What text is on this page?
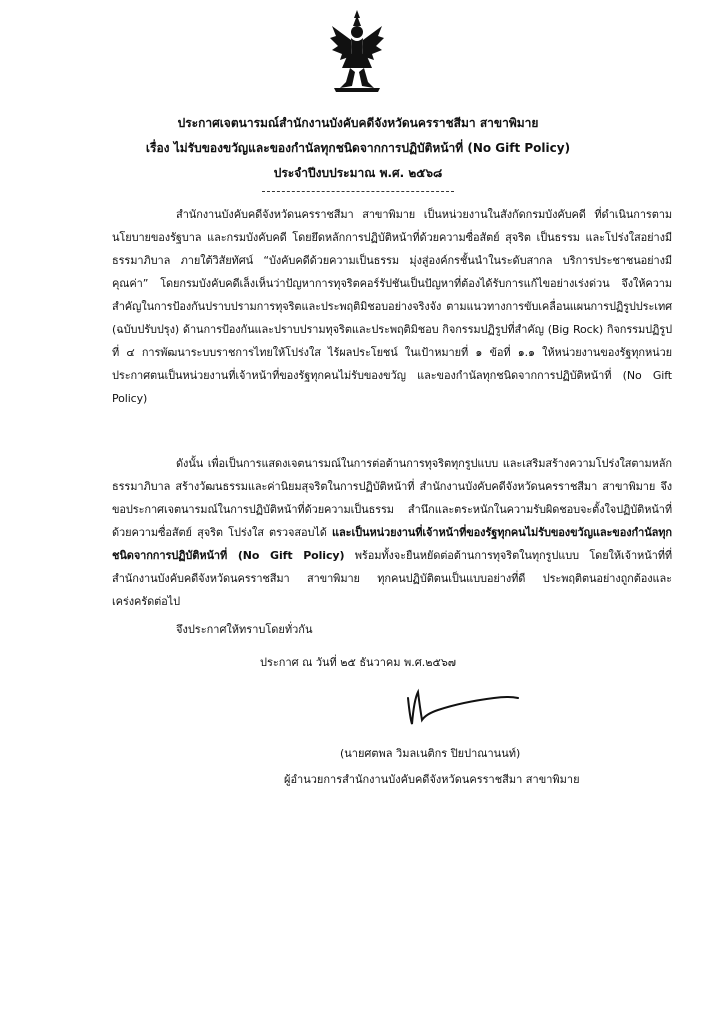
ประกาศเจตนารมณ์สำนักงานบังคับคดีจังหวัดนครราชสีมา สาขาพิมาย
เรื่อง ไม่รับของขวัญและของกำนัลทุกชนิดจากการปฏิบัติหน้าที่ (No Gift Policy)
ประจำปีงบประมาณ พ.ศ. ๒๕๖๘
สำนักงานบังคับคดีจังหวัดนครราชสีมา สาขาพิมาย เป็นหน่วยงานในสังกัดกรมบังคับคดี ที่ดำเนินการตามนโยบายของรัฐบาล และกรมบังคับคดี โดยยึดหลักการปฏิบัติหน้าที่ด้วยความซื่อสัตย์ สุจริต เป็นธรรม และโปร่งใสอย่างมีธรรมาภิบาล ภายใต้วิสัยทัศน์ “บังคับคดีด้วยความเป็นธรรม มุ่งสู่องค์กรชั้นนำในระดับสากล บริการประชาชนอย่างมีคุณค่า” โดยกรมบังคับคดีเล็งเห็นว่าปัญหาการทุจริตคอร์รัปชันเป็นปัญหาที่ต้องได้รับการแก้ไขอย่างเร่งด่วน จึงให้ความสำคัญในการป้องกันปราบปรามการทุจริตและประพฤติมิชอบอย่างจริงจัง ตามแนวทางการขับเคลื่อนแผนการปฏิรูปประเทศ (ฉบับปรับปรุง) ด้านการป้องกันและปราบปรามทุจริตและประพฤติมิชอบ กิจกรรมปฏิรูปที่สำคัญ (Big Rock) กิจกรรมปฏิรูปที่ ๔ การพัฒนาระบบราชการไทยให้โปร่งใส ไร้ผลประโยชน์ ในเป้าหมายที่ ๑ ข้อที่ ๑.๑ ให้หน่วยงานของรัฐทุกหน่วยประกาศตนเป็นหน่วยงานที่เจ้าหน้าที่ของรัฐทุกคนไม่รับของขวัญ และของกำนัลทุกชนิดจากการปฏิบัติหน้าที่ (No Gift Policy)
ดังนั้น เพื่อเป็นการแสดงเจตนารมณ์ในการต่อต้านการทุจริตทุกรูปแบบ และเสริมสร้างความโปร่งใสตามหลักธรรมาภิบาล สร้างวัฒนธรรมและค่านิยมสุจริตในการปฏิบัติหน้าที่ สำนักงานบังคับคดีจังหวัดนครราชสีมา สาขาพิมาย จึงขอประกาศเจตนารมณ์ในการปฏิบัติหน้าที่ด้วยความเป็นธรรม สำนึกและตระหนักในความรับผิดชอบจะตั้งใจปฏิบัติหน้าที่ด้วยความซื่อสัตย์ สุจริต โปร่งใส ตรวจสอบได้ และเป็นหน่วยงานที่เจ้าหน้าที่ของรัฐทุกคนไม่รับของขวัญและของกำนัลทุกชนิดจากการปฏิบัติหน้าที่ (No Gift Policy) พร้อมทั้งจะยืนหยัดต่อต้านการทุจริตในทุกรูปแบบ โดยให้เจ้าหน้าที่ที่สำนักงานบังคับคดีจังหวัดนครราชสีมา สาขาพิมาย ทุกคนปฏิบัติตนเป็นแบบอย่างที่ดี ประพฤติตนอย่างถูกต้องและเคร่งครัดต่อไป
จึงประกาศให้ทราบโดยทั่วกัน
ประกาศ ณ วันที่ ๒๕ ธันวาคม พ.ศ.๒๕๖๗
(นายศตพล วิมลเนติกร ปิยปาณานนท์)
ผู้อำนวยการสำนักงานบังคับคดีจังหวัดนครราชสีมา สาขาพิมาย
